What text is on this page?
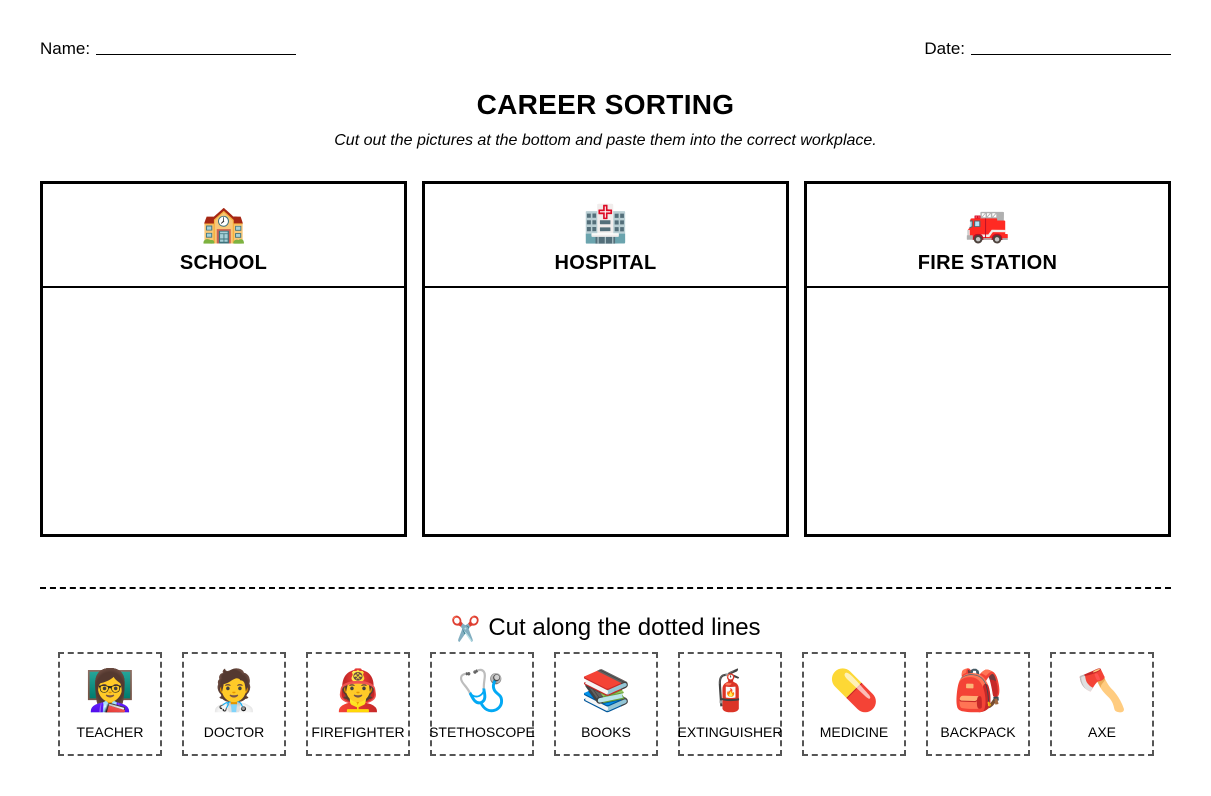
Name:	Date:
CAREER SORTING
Cut out the pictures at the bottom and paste them into the correct workplace.
🏫
SCHOOL
🏥
HOSPITAL
🚒
FIRE STATION
✂️ Cut along the dotted lines
👩‍🏫
TEACHER
🧑‍⚕️
DOCTOR
🧑‍🚒
FIREFIGHTER
🩺
STETHOSCOPE
📚
BOOKS
🧯
EXTINGUISHER
💊
MEDICINE
🎒
BACKPACK
🪓
AXE
